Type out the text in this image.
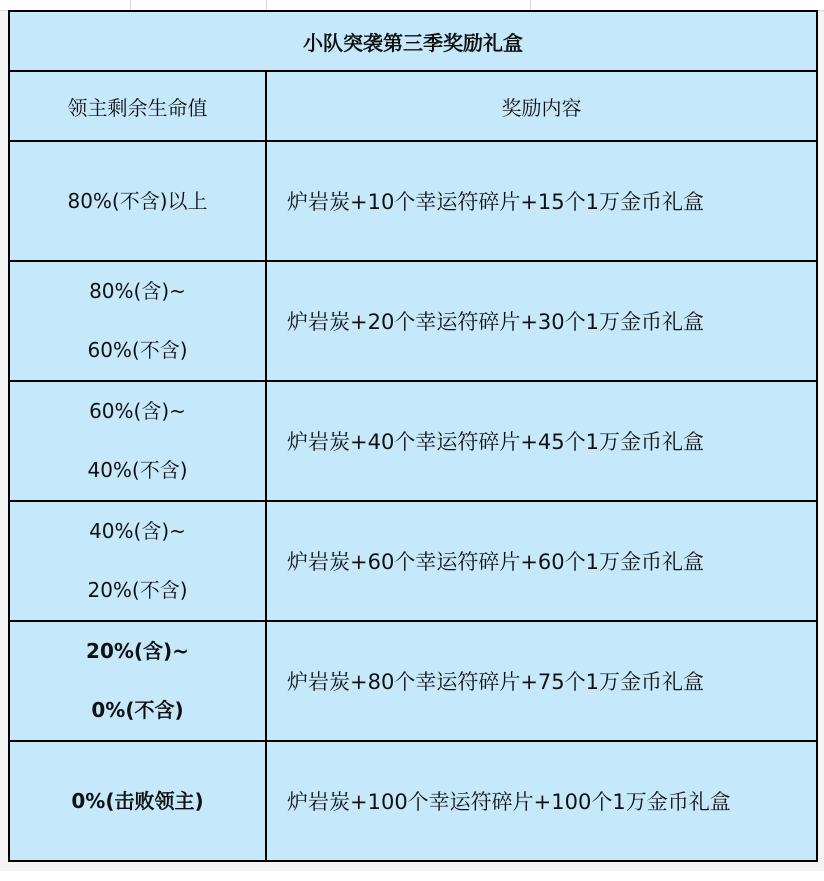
小队突袭第三季奖励礼盒	
领主剩余生命值	奖励内容

80%(不含)以上	炉岩炭+10个幸运符碎片+15个1万金币礼盒

80%(含)~
60%(不含)	炉岩炭+20个幸运符碎片+30个1万金币礼盒

60%(含)~
40%(不含)	炉岩炭+40个幸运符碎片+45个1万金币礼盒

40%(含)~
20%(不含)	炉岩炭+60个幸运符碎片+60个1万金币礼盒

20%(含)~
0%(不含)	炉岩炭+80个幸运符碎片+75个1万金币礼盒

0%(击败领主)	炉岩炭+100个幸运符碎片+100个1万金币礼盒
